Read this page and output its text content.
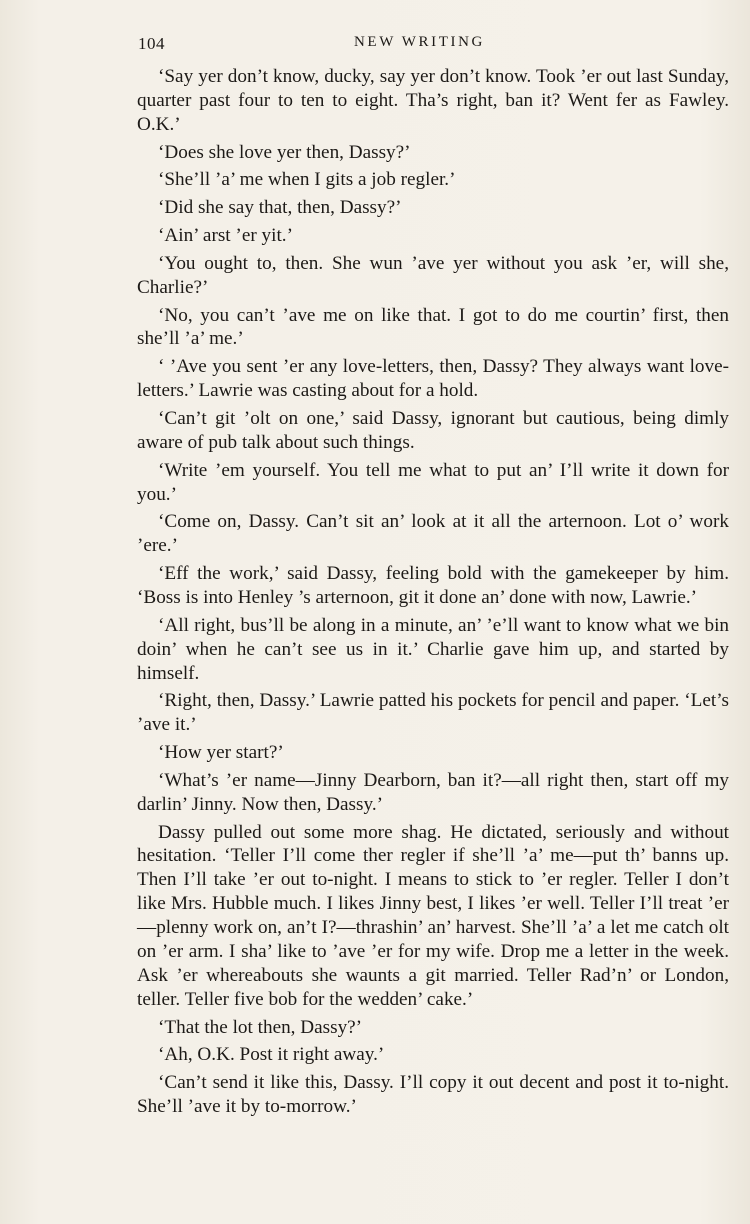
104	NEW WRITING

‘Say yer don’t know, ducky, say yer don’t know. Took ’er out last Sunday, quarter past four to ten to eight. Tha’s right, ban it? Went fer as Fawley. O.K.’

‘Does she love yer then, Dassy?’

‘She’ll ’a’ me when I gits a job regler.’

‘Did she say that, then, Dassy?’

‘Ain’ arst ’er yit.’

‘You ought to, then. She wun ’ave yer without you ask ’er, will she, Charlie?’

‘No, you can’t ’ave me on like that. I got to do me courtin’ first, then she’ll ’a’ me.’

‘ ’Ave you sent ’er any love-letters, then, Dassy? They always want love-letters.’ Lawrie was casting about for a hold.

‘Can’t git ’olt on one,’ said Dassy, ignorant but cautious, being dimly aware of pub talk about such things.

‘Write ’em yourself. You tell me what to put an’ I’ll write it down for you.’

‘Come on, Dassy. Can’t sit an’ look at it all the arternoon. Lot o’ work ’ere.’

‘Eff the work,’ said Dassy, feeling bold with the gamekeeper by him. ‘Boss is into Henley ’s arternoon, git it done an’ done with now, Lawrie.’

‘All right, bus’ll be along in a minute, an’ ’e’ll want to know what we bin doin’ when he can’t see us in it.’ Charlie gave him up, and started by himself.

‘Right, then, Dassy.’ Lawrie patted his pockets for pencil and paper. ‘Let’s ’ave it.’

‘How yer start?’

‘What’s ’er name—Jinny Dearborn, ban it?—all right then, start off my darlin’ Jinny. Now then, Dassy.’

Dassy pulled out some more shag. He dictated, seriously and without hesitation. ‘Teller I’ll come ther regler if she’ll ’a’ me—put th’ banns up. Then I’ll take ’er out to-night. I means to stick to ’er regler. Teller I don’t like Mrs. Hubble much. I likes Jinny best, I likes ’er well. Teller I’ll treat ’er—plenny work on, an’t I?—thrashin’ an’ harvest. She’ll ’a’ a let me catch olt on ’er arm. I sha’ like to ’ave ’er for my wife. Drop me a letter in the week. Ask ’er whereabouts she waunts a git married. Teller Rad’n’ or London, teller. Teller five bob for the wedden’ cake.’

‘That the lot then, Dassy?’

‘Ah, O.K. Post it right away.’

‘Can’t send it like this, Dassy. I’ll copy it out decent and post it to-night. She’ll ’ave it by to-morrow.’
